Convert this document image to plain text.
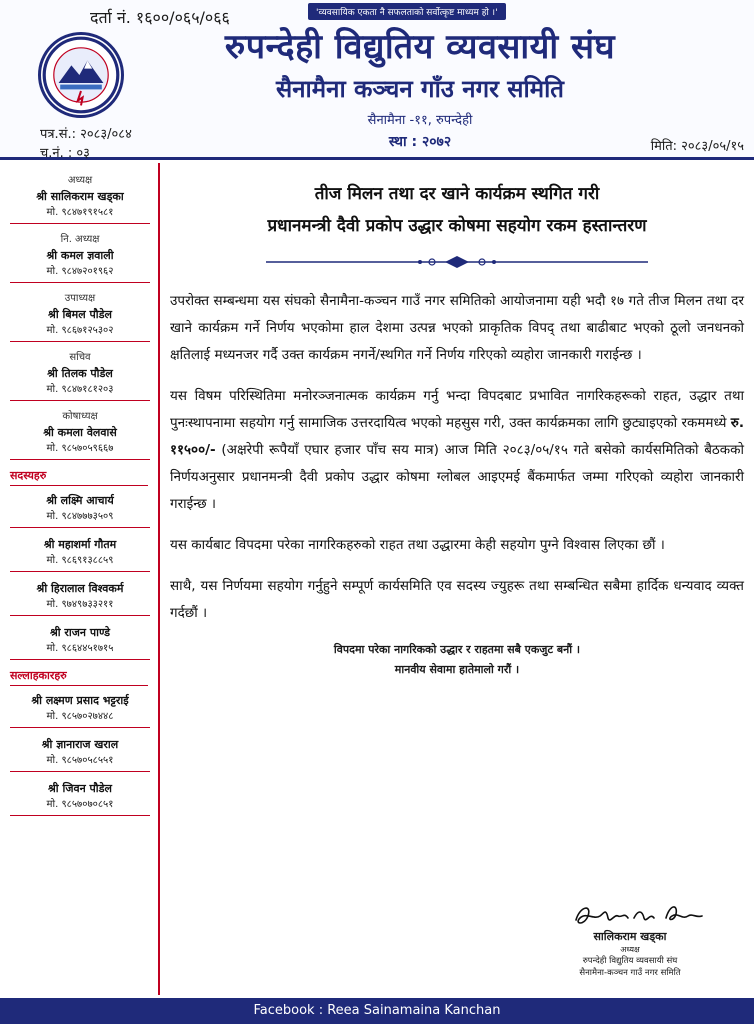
दर्ता नं. १६००/०६५/०६६	'व्यवसायिक एकता नै सफलताको सर्वोत्कृष्ट माध्यम हो ।'
रुपन्देही विद्युतिय व्यवसायी संघ
सैनामैना कञ्चन गाँउ नगर समिति
सैनामैना -११, रुपन्देही
स्था : २०७२
पत्र.सं.: २०८३/०८४
च.नं. : ०३	मिति: २०८३/०५/१५
अध्यक्ष
श्री सालिकराम खड्का
मो. ९८४७१९१५८१
नि. अध्यक्ष
श्री कमल ज्ञवाली
मो. ९८४७२०१९६२
उपाध्यक्ष
श्री बिमल पौडेल
मो. ९८६७१२५३०२
सचिव
श्री तिलक पौडेल
मो. ९८४७१८१२०३
कोषाध्यक्ष
श्री कमला वेलवासे
मो. ९८५७०५९६६७
सदस्यहरु
श्री लक्ष्मि आचार्य
मो. ९८४७७७३५०९
श्री महाशर्मा गौतम
मो. ९८६९१३८८५९
श्री हिरालाल विश्वकर्म
मो. ९७४९७३३२११
श्री राजन पाण्डे
मो. ९८६४४५१७१५
सल्लाहकारहरु
श्री लक्ष्मण प्रसाद भट्टराई
मो. ९८५७०२७४४८
श्री ज्ञानाराज खराल
मो. ९८५७०५८५५१
श्री जिवन पौडेल
मो. ९८५७०७०८५१
तीज मिलन तथा दर खाने कार्यक्रम स्थगित गरी
प्रधानमन्त्री दैवी प्रकोप उद्धार कोषमा सहयोग रकम हस्तान्तरण

उपरोक्त सम्बन्धमा यस संघको सैनामैना-कञ्चन गाउँ नगर समितिको आयोजनामा यही भदौ १७ गते तीज मिलन तथा दर खाने कार्यक्रम गर्ने निर्णय भएकोमा हाल देशमा उत्पन्न भएको प्राकृतिक विपद् तथा बाढीबाट भएको ठूलो जनधनको क्षतिलाई मध्यनजर गर्दै उक्त कार्यक्रम नगर्ने/स्थगित गर्ने निर्णय गरिएको व्यहोरा जानकारी गराईन्छ ।

यस विषम परिस्थितिमा मनोरञ्जनात्मक कार्यक्रम गर्नु भन्दा विपदबाट प्रभावित नागरिकहरूको राहत, उद्धार तथा पुनःस्थापनामा सहयोग गर्नु सामाजिक उत्तरदायित्व भएको महसुस गरी, उक्त कार्यक्रमका लागि छुट्याइएको रकममध्ये रु. ११५००/- (अक्षरेपी रूपैयाँ एघार हजार पाँच सय मात्र) आज मिति २०८३/०५/१५ गते बसेको कार्यसमितिको बैठकको निर्णयअनुसार प्रधानमन्त्री दैवी प्रकोप उद्धार कोषमा ग्लोबल आइएमई बैंकमार्फत जम्मा गरिएको व्यहोरा जानकारी गराईन्छ ।

यस कार्यबाट विपदमा परेका नागरिकहरुको राहत तथा उद्धारमा केही सहयोग पुग्ने विश्वास लिएका छौं ।

साथै, यस निर्णयमा सहयोग गर्नुहुने सम्पूर्ण कार्यसमिति एव सदस्य ज्युहरू तथा सम्बन्धित सबैमा हार्दिक धन्यवाद व्यक्त गर्दछौं ।

विपदमा परेका नागरिकको उद्धार र राहतमा सबै एकजुट बनौं ।
मानवीय सेवामा हातेमालो गरौं ।
सालिकराम खड्का
अध्यक्ष
रुपन्देही विद्युतिय व्यवसायी संघ
सैनामैना-कञ्चन गाउँ नगर समिति
Facebook : Reea Sainamaina Kanchan
